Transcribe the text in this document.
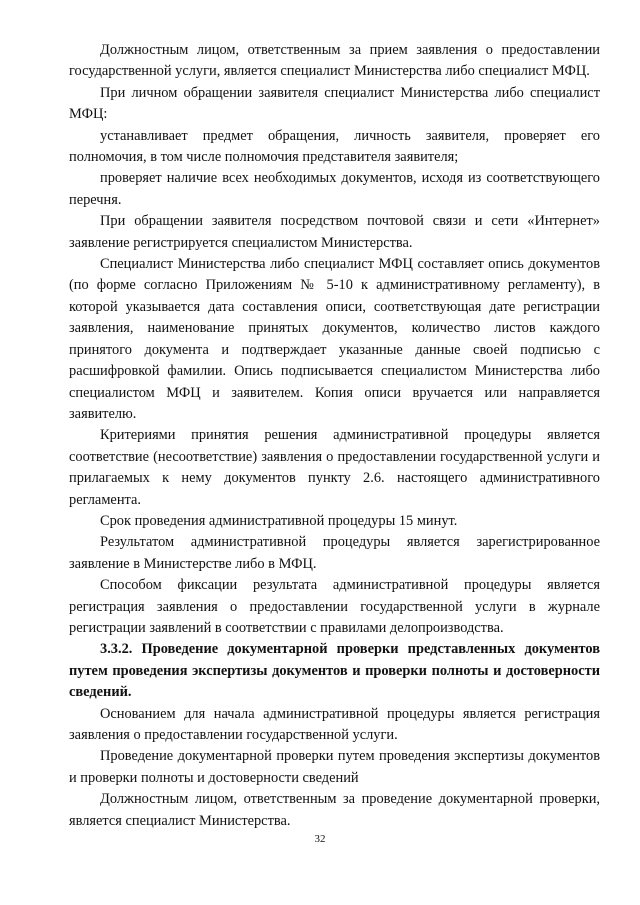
Должностным лицом, ответственным за прием заявления о предоставлении государственной услуги, является специалист Министерства либо специалист МФЦ.

При личном обращении заявителя специалист Министерства либо специалист МФЦ:

устанавливает предмет обращения, личность заявителя, проверяет его полномочия, в том числе полномочия представителя заявителя;

проверяет наличие всех необходимых документов, исходя из соответствующего перечня.

При обращении заявителя посредством почтовой связи и сети «Интернет» заявление регистрируется специалистом Министерства.

Специалист Министерства либо специалист МФЦ составляет опись документов (по форме согласно Приложениям № 5-10 к административному регламенту), в которой указывается дата составления описи, соответствующая дате регистрации заявления, наименование принятых документов, количество листов каждого принятого документа и подтверждает указанные данные своей подписью с расшифровкой фамилии. Опись подписывается специалистом Министерства либо специалистом МФЦ и заявителем. Копия описи вручается или направляется заявителю.

Критериями принятия решения административной процедуры является соответствие (несоответствие) заявления о предоставлении государственной услуги и прилагаемых к нему документов пункту 2.6. настоящего административного регламента.

Срок проведения административной процедуры 15 минут.

Результатом административной процедуры является зарегистрированное заявление в Министерстве либо в МФЦ.

Способом фиксации результата административной процедуры является регистрация заявления о предоставлении государственной услуги в журнале регистрации заявлений в соответствии с правилами делопроизводства.

3.3.2. Проведение документарной проверки представленных документов путем проведения экспертизы документов и проверки полноты и достоверности сведений.

Основанием для начала административной процедуры является регистрация заявления о предоставлении государственной услуги.

Проведение документарной проверки путем проведения экспертизы документов и проверки полноты и достоверности сведений

Должностным лицом, ответственным за проведение документарной проверки, является специалист Министерства.

32
